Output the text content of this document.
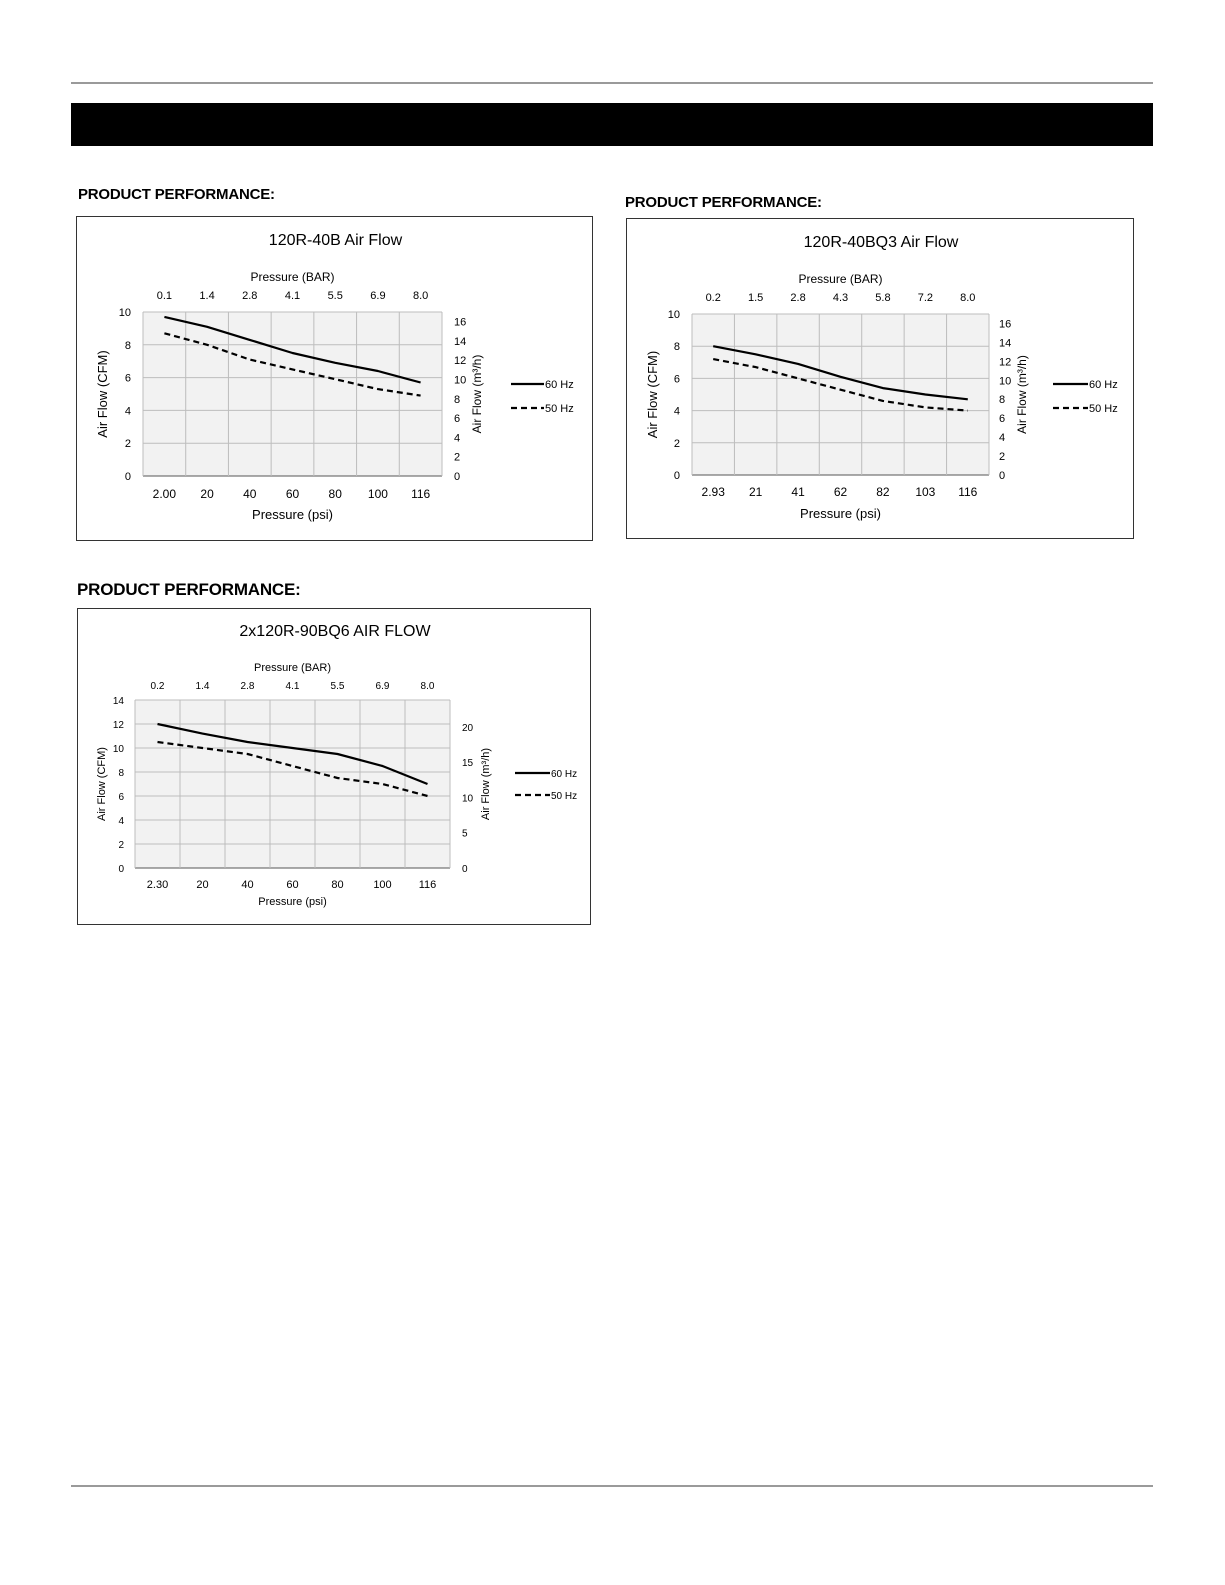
PRODUCT PERFORMANCE:	PRODUCT PERFORMANCE:
PRODUCT PERFORMANCE:
120R-40B Air Flow
Pressure (BAR)
0.1 1.4 2.8 4.1 5.5 6.9 8.0
2.00 20 40 60 80 100 116
Pressure (psi)
0
2
4
6
8
10
Air Flow (CFM)
0
2
4
6
8
10
12
14
16
Air Flow (m³/h)	60 Hz
50 Hz
120R-40BQ3 Air Flow
Pressure (BAR)
0.2 1.5 2.8 4.3 5.8 7.2 8.0
2.93 21 41 62 82 103 116
Pressure (psi)
0
2
4
6
8
10
Air Flow (CFM)
0
2
4
6
8
10
12
14
16
Air Flow (m³/h)	60 Hz
50 Hz
2x120R-90BQ6 AIR FLOW
Pressure (BAR)
0.2	1.4	2.8	4.1	5.5	6.9	8.0
2.30	20	40	60	80	100 116
Pressure (psi)
0
2
4
6
8
10
12
14
Air Flow (CFM)
0
5
10
15
20
Air Flow (m³/h)	60 Hz
50 Hz
